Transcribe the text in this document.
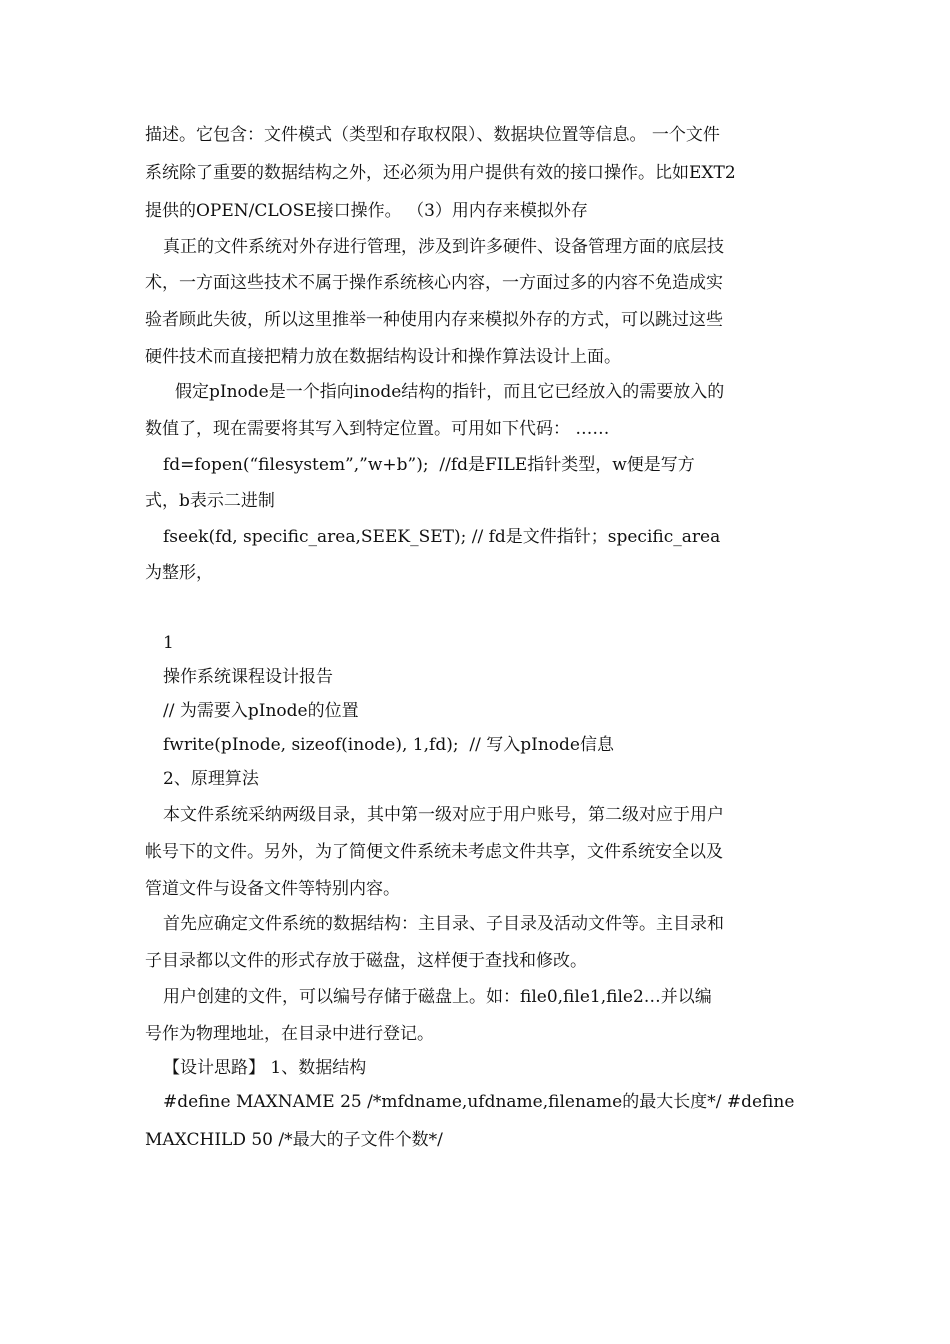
描述。它包含：文件模式（类型和存取权限）、数据块位置等信息。 一个文件
系统除了重要的数据结构之外，还必须为用户提供有效的接口操作。比如EXT2
提供的OPEN/CLOSE接口操作。 （3）用内存来模拟外存
真正的文件系统对外存进行管理，涉及到许多硬件、设备管理方面的底层技
术，一方面这些技术不属于操作系统核心内容，一方面过多的内容不免造成实
验者顾此失彼，所以这里推举一种使用内存来模拟外存的方式，可以跳过这些
硬件技术而直接把精力放在数据结构设计和操作算法设计上面。
假定pInode是一个指向inode结构的指针，而且它已经放入的需要放入的
数值了，现在需要将其写入到特定位置。可用如下代码： ……
fd=fopen(“filesystem”,”w+b”);  //fd是FILE指针类型，w便是写方
式，b表示二进制
fseek(fd, specific_area,SEEK_SET); // fd是文件指针；specific_area
为整形，
1
操作系统课程设计报告
// 为需要入pInode的位置
fwrite(pInode, sizeof(inode), 1,fd);  // 写入pInode信息
2、原理算法
本文件系统采纳两级目录，其中第一级对应于用户账号，第二级对应于用户
帐号下的文件。另外，为了简便文件系统未考虑文件共享，文件系统安全以及
管道文件与设备文件等特别内容。
首先应确定文件系统的数据结构：主目录、子目录及活动文件等。主目录和
子目录都以文件的形式存放于磁盘，这样便于查找和修改。
用户创建的文件，可以编号存储于磁盘上。如：file0,file1,file2…并以编
号作为物理地址，在目录中进行登记。
【设计思路】 1、数据结构
#define MAXNAME 25 /*mfdname,ufdname,filename的最大长度*/ #define
MAXCHILD 50 /*最大的子文件个数*/
